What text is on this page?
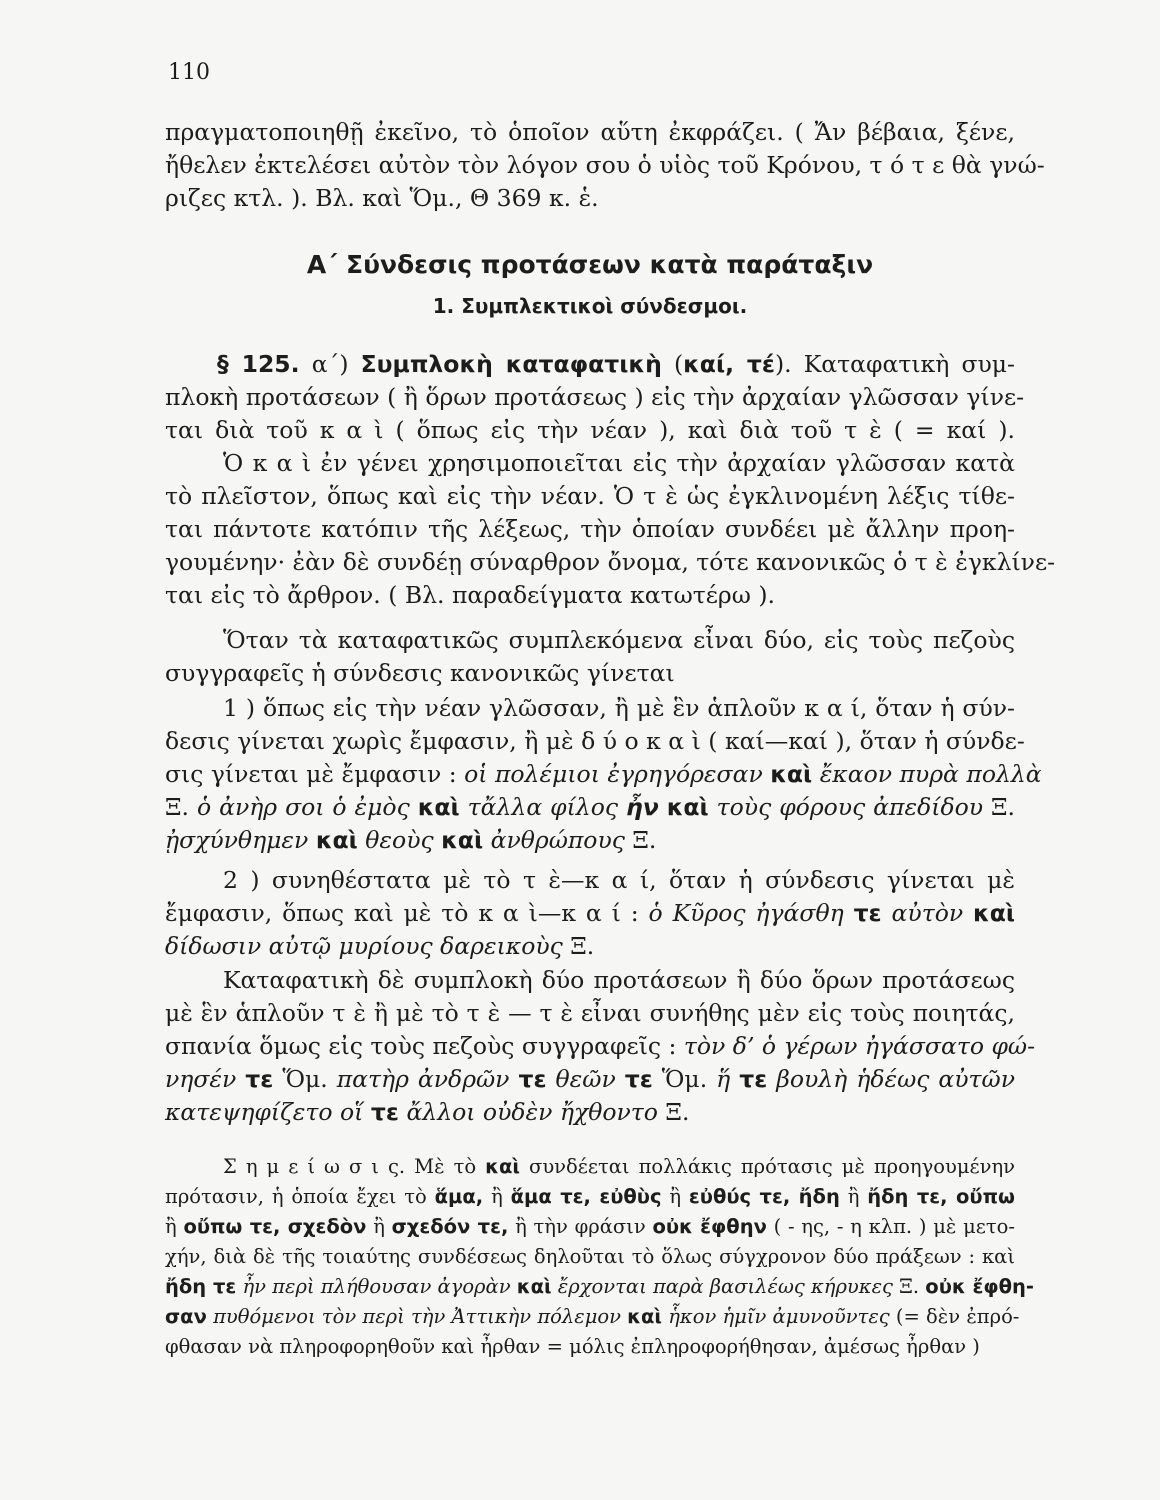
110
πραγματοποιηθῇ ἐκεῖνο, τὸ ὁποῖον αὕτη ἐκφράζει. ( Ἄν βέβαια, ξένε,
ἤθελεν ἐκτελέσει αὐτὸν τὸν λόγον σου ὁ υἱὸς τοῦ Κρόνου, τ ό τ ε θὰ γνώ-
ριζες κτλ. ). Βλ. καὶ Ὅμ., Θ 369 κ. ἑ.
Α΄ Σύνδεσις προτάσεων κατὰ παράταξιν
1. Συμπλεκτικοὶ σύνδεσμοι.
§ 125. α΄) Συμπλοκὴ καταφατικὴ (καί, τέ). Καταφατικὴ συμ-
πλοκὴ προτάσεων ( ἢ ὅρων προτάσεως ) εἰς τὴν ἀρχαίαν γλῶσσαν γίνε-
ται διὰ τοῦ κ α ὶ ( ὅπως εἰς τὴν νέαν ), καὶ διὰ τοῦ τ ὲ ( = καί ).
Ὁ κ α ὶ ἐν γένει χρησιμοποιεῖται εἰς τὴν ἀρχαίαν γλῶσσαν κατὰ
τὸ πλεῖστον, ὅπως καὶ εἰς τὴν νέαν. Ὁ τ ὲ ὡς ἐγκλινομένη λέξις τίθε-
ται πάντοτε κατόπιν τῆς λέξεως, τὴν ὁποίαν συνδέει μὲ ἄλλην προη-
γουμένην· ἐὰν δὲ συνδέῃ σύναρθρον ὄνομα, τότε κανονικῶς ὁ τ ὲ ἐγκλίνε-
ται εἰς τὸ ἄρθρον. ( Βλ. παραδείγματα κατωτέρω ).
Ὅταν τὰ καταφατικῶς συμπλεκόμενα εἶναι δύο, εἰς τοὺς πεζοὺς
συγγραφεῖς ἡ σύνδεσις κανονικῶς γίνεται
1 ) ὅπως εἰς τὴν νέαν γλῶσσαν, ἢ μὲ ἓν ἁπλοῦν κ α ί, ὅταν ἡ σύν-
δεσις γίνεται χωρὶς ἔμφασιν, ἢ μὲ δ ύ ο κ α ὶ ( καί—καί ), ὅταν ἡ σύνδε-
σις γίνεται μὲ ἔμφασιν : οἱ πολέμιοι ἐγρηγόρεσαν καὶ ἔκαον πυρὰ πολλὰ
Ξ. ὁ ἀνὴρ σοι ὁ ἐμὸς καὶ τἄλλα φίλος ἦν καὶ τοὺς φόρους ἀπεδίδου Ξ.
ᾐσχύνθημεν καὶ θεοὺς καὶ ἀνθρώπους Ξ.
2 ) συνηθέστατα μὲ τὸ τ ὲ—κ α ί, ὅταν ἡ σύνδεσις γίνεται μὲ
ἔμφασιν, ὅπως καὶ μὲ τὸ κ α ὶ—κ α ί : ὁ Κῦρος ἠγάσθη τε αὐτὸν καὶ
δίδωσιν αὐτῷ μυρίους δαρεικοὺς Ξ.
Καταφατικὴ δὲ συμπλοκὴ δύο προτάσεων ἢ δύο ὅρων προτάσεως
μὲ ἓν ἁπλοῦν τ ὲ ἢ μὲ τὸ τ ὲ — τ ὲ εἶναι συνήθης μὲν εἰς τοὺς ποιητάς,
σπανία ὅμως εἰς τοὺς πεζοὺς συγγραφεῖς : τὸν δ’ ὁ γέρων ἠγάσσατο φώ-
νησέν τε Ὅμ. πατὴρ ἀνδρῶν τε θεῶν τε Ὅμ. ἥ τε βουλὴ ἡδέως αὐτῶν
κατεψηφίζετο οἵ τε ἄλλοι οὐδὲν ἤχθοντο Ξ.
Σ η μ ε ί ω σ ι ς. Μὲ τὸ καὶ συνδέεται πολλάκις πρότασις μὲ προηγουμένην
πρότασιν, ἡ ὁποία ἔχει τὸ ἅμα, ἢ ἅμα τε, εὐθὺς ἢ εὐθύς τε, ἤδη ἢ ἤδη τε, οὔπω
ἢ οὔπω τε, σχεδὸν ἢ σχεδόν τε, ἢ τὴν φράσιν οὐκ ἔφθην ( - ης, - η κλπ. ) μὲ μετο-
χήν, διὰ δὲ τῆς τοιαύτης συνδέσεως δηλοῦται τὸ ὅλως σύγχρονον δύο πράξεων : καὶ
ἤδη τε ἦν περὶ πλήθουσαν ἀγορὰν καὶ ἔρχονται παρὰ βασιλέως κήρυκες Ξ. οὐκ ἔφθη-
σαν πυθόμενοι τὸν περὶ τὴν Ἀττικὴν πόλεμον καὶ ἧκον ἡμῖν ἀμυνοῦντες (= δὲν ἐπρό-
φθασαν νὰ πληροφορηθοῦν καὶ ἦρθαν = μόλις ἐπληροφορήθησαν, ἀμέσως ἦρθαν )
